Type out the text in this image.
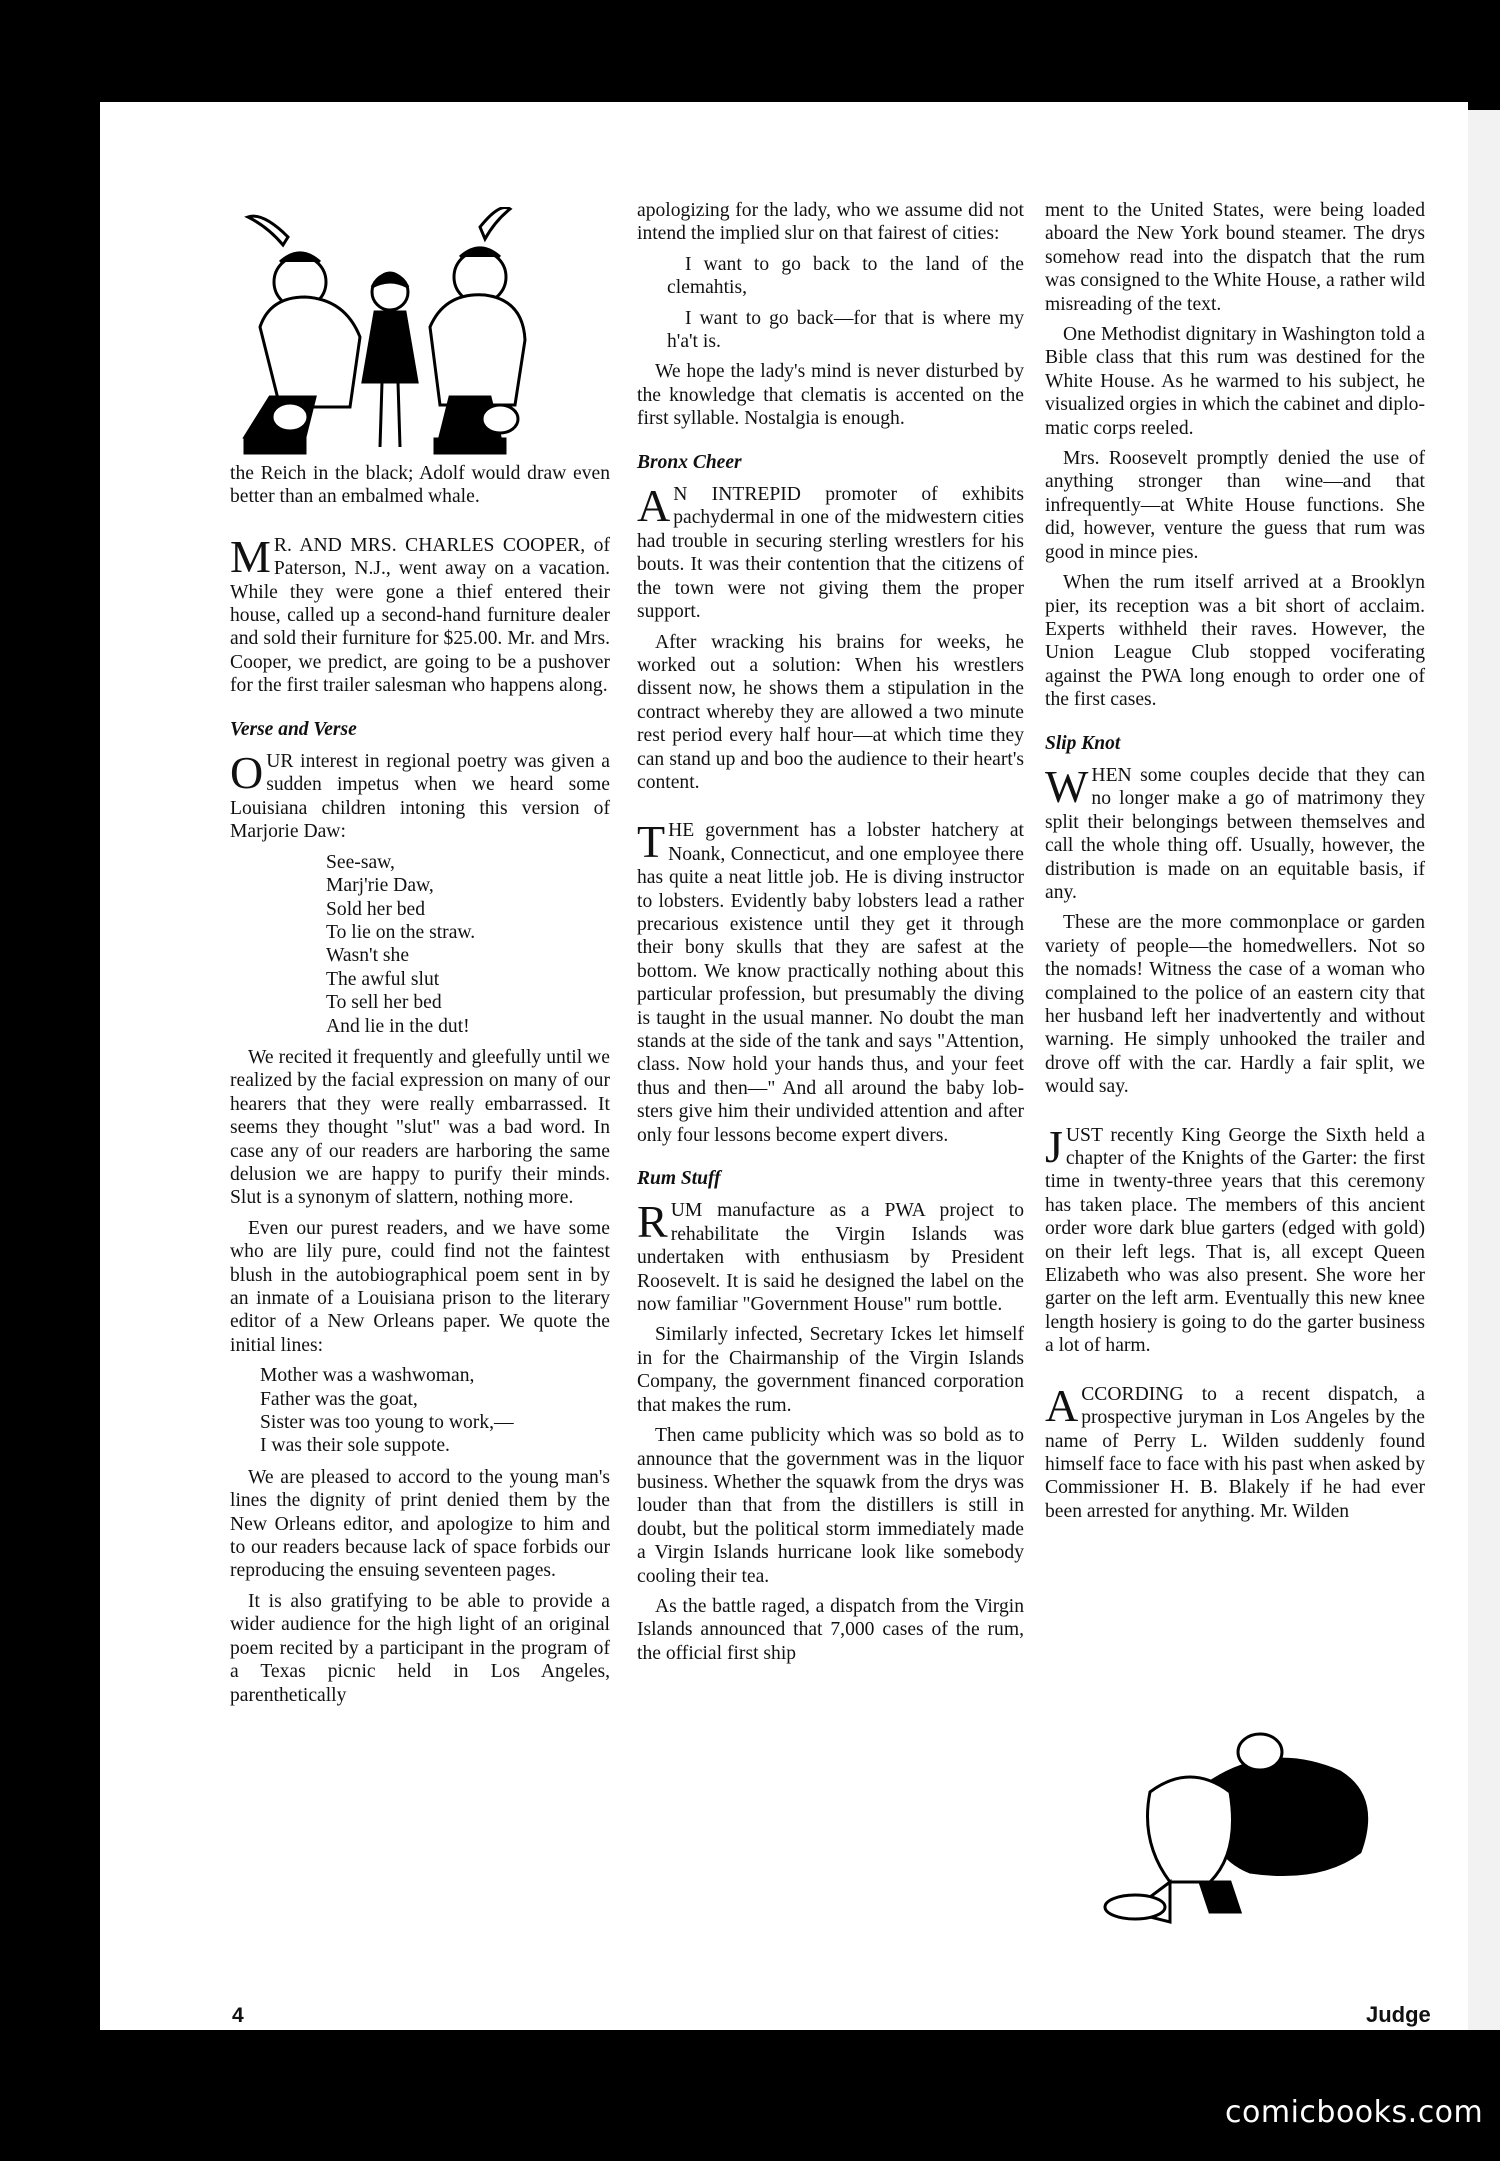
the Reich in the black; Adolf would draw even better than an embalmed whale.

M R. AND MRS. CHARLES COOPER, of Paterson, N.J., went away on a vacation. While they were gone a thief entered their house, called up a second-hand furniture dealer and sold their furniture for $25.00. Mr. and Mrs. Cooper, we predict, are going to be a pushover for the first trailer salesman who happens along.

Verse and Verse

OUR interest in regional poetry was given a sudden impetus when we heard some Louisiana children intoning this version of Marjorie Daw:

See-saw,
Marj'rie Daw,
Sold her bed
To lie on the straw.
Wasn't she
The awful slut
To sell her bed
And lie in the dut!

We recited it frequently and gleefully until we realized by the facial expression on many of our hearers that they were really embarrassed. It seems they thought "slut" was a bad word. In case any of our readers are harboring the same delusion we are happy to purify their minds. Slut is a synonym of slattern, nothing more.

Even our purest readers, and we have some who are lily pure, could find not the faintest blush in the autobiographical poem sent in by an inmate of a Louisiana prison to the literary editor of a New Orleans paper. We quote the initial lines:

Mother was a washwoman,
Father was the goat,
Sister was too young to work,—
I was their sole suppote.

We are pleased to accord to the young man's lines the dignity of print denied them by the New Orleans editor, and apologize to him and to our readers because lack of space forbids our reproducing the ensuing seventeen pages.

It is also gratifying to be able to provide a wider audience for the high light of an original poem recited by a participant in the program of a Texas picnic held in Los Angeles, parenthetically

apologizing for the lady, who we assume did not intend the implied slur on that fairest of cities:

I want to go back to the land of the clemahtis,

I want to go back—for that is where my h'a't is.

We hope the lady's mind is never disturbed by the knowledge that clematis is accented on the first syllable. Nostalgia is enough.

Bronx Cheer

A N INTREPID promoter of exhibits pachydermal in one of the midwestern cities had trouble in securing sterling wrestlers for his bouts. It was their contention that the citizens of the town were not giving them the proper support.

After wracking his brains for weeks, he worked out a solution: When his wrestlers dissent now, he shows them a stipulation in the contract whereby they are allowed a two minute rest period every half hour—at which time they can stand up and boo the audience to their heart's content.

THE government has a lobster hatchery at Noank, Connecticut, and one employee there has quite a neat little job. He is diving instructor to lobsters. Evidently baby lobsters lead a rather precarious existence until they get it through their bony skulls that they are safest at the bottom. We know practically nothing about this particular profession, but presumably the diving is taught in the usual manner. No doubt the man stands at the side of the tank and says "Attention, class. Now hold your hands thus, and your feet thus and then—" And all around the baby lobsters give him their undivided attention and after only four lessons become expert divers.

Rum Stuff

RUM manufacture as a PWA project to rehabilitate the Virgin Islands was undertaken with enthusiasm by President Roosevelt. It is said he designed the label on the now familiar "Government House" rum bottle.

Similarly infected, Secretary Ickes let himself in for the Chairmanship of the Virgin Islands Company, the government financed corporation that makes the rum.

Then came publicity which was so bold as to announce that the government was in the liquor business. Whether the squawk from the drys was louder than that from the distillers is still in doubt, but the political storm immediately made a Virgin Islands hurricane look like somebody cooling their tea.

As the battle raged, a dispatch from the Virgin Islands announced that 7,000 cases of the rum, the official first ship

ment to the United States, were being loaded aboard the New York bound steamer. The drys somehow read into the dispatch that the rum was consigned to the White House, a rather wild misreading of the text.

One Methodist dignitary in Washington told a Bible class that this rum was destined for the White House. As he warmed to his subject, he visualized orgies in which the cabinet and diplomatic corps reeled.

Mrs. Roosevelt promptly denied the use of anything stronger than wine—and that infrequently—at White House functions. She did, however, venture the guess that rum was good in mince pies.

When the rum itself arrived at a Brooklyn pier, its reception was a bit short of acclaim. Experts withheld their raves. However, the Union League Club stopped vociferating against the PWA long enough to order one of the first cases.

Slip Knot

WHEN some couples decide that they can no longer make a go of matrimony they split their belongings between themselves and call the whole thing off. Usually, however, the distribution is made on an equitable basis, if any.

These are the more commonplace or garden variety of people—the homedwellers. Not so the nomads! Witness the case of a woman who complained to the police of an eastern city that her husband left her inadvertently and without warning. He simply unhooked the trailer and drove off with the car. Hardly a fair split, we would say.

JUST recently King George the Sixth held a chapter of the Knights of the Garter: the first time in twenty-three years that this ceremony has taken place. The members of this ancient order wore dark blue garters (edged with gold) on their left legs. That is, all except Queen Elizabeth who was also present. She wore her garter on the left arm. Eventually this new knee length hosiery is going to do the garter business a lot of harm.

ACCORDING to a recent dispatch, a prospective juryman in Los Angeles by the name of Perry L. Wilden suddenly found himself face to face with his past when asked by Commissioner H. B. Blakely if he had ever been arrested for anything. Mr. Wilden

4	Judge
comicbooks.com
